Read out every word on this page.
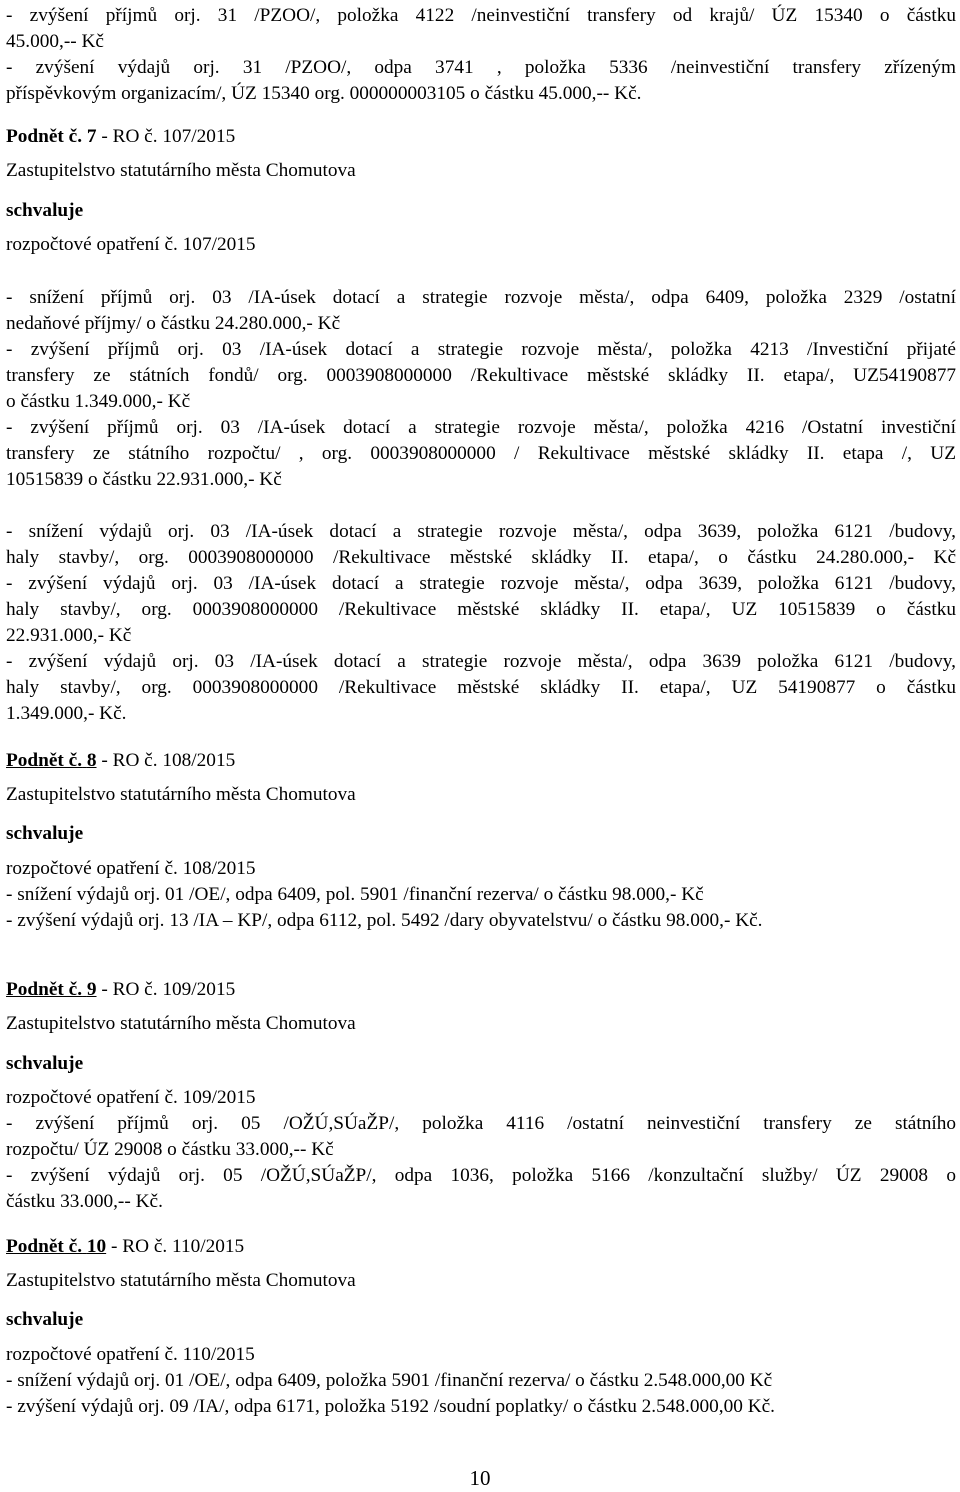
- zvýšení příjmů orj. 31 /PZOO/, položka 4122 /neinvestiční transfery od krajů/ ÚZ 15340 o částku
45.000,-- Kč
- zvýšení výdajů orj. 31 /PZOO/, odpa 3741 , položka 5336 /neinvestiční transfery zřízeným
příspěvkovým organizacím/, ÚZ 15340 org. 000000003105 o částku 45.000,-- Kč.
Podnět č. 7 - RO č. 107/2015
Zastupitelstvo statutárního města Chomutova
schvaluje
rozpočtové opatření č. 107/2015
- snížení příjmů orj. 03 /IA-úsek dotací a strategie rozvoje města/, odpa 6409, položka 2329 /ostatní
nedaňové příjmy/ o částku 24.280.000,- Kč
- zvýšení příjmů orj. 03 /IA-úsek dotací a strategie rozvoje města/, položka 4213 /Investiční přijaté
transfery ze státních fondů/ org. 0003908000000 /Rekultivace městské skládky II. etapa/, UZ54190877
o částku 1.349.000,- Kč
- zvýšení příjmů orj. 03 /IA-úsek dotací a strategie rozvoje města/, položka 4216 /Ostatní investiční
transfery ze státního rozpočtu/ , org. 0003908000000 / Rekultivace městské skládky II. etapa /, UZ
10515839 o částku 22.931.000,- Kč
- snížení výdajů orj. 03 /IA-úsek dotací a strategie rozvoje města/, odpa 3639, položka 6121 /budovy,
haly stavby/, org. 0003908000000 /Rekultivace městské skládky II. etapa/, o částku 24.280.000,- Kč
- zvýšení výdajů orj. 03 /IA-úsek dotací a strategie rozvoje města/, odpa 3639, položka 6121 /budovy,
haly stavby/, org. 0003908000000 /Rekultivace městské skládky II. etapa/, UZ 10515839 o částku
22.931.000,- Kč
- zvýšení výdajů orj. 03 /IA-úsek dotací a strategie rozvoje města/, odpa 3639 položka 6121 /budovy,
haly stavby/, org. 0003908000000 /Rekultivace městské skládky II. etapa/, UZ 54190877 o částku
1.349.000,- Kč.
Podnět č. 8 - RO č. 108/2015
Zastupitelstvo statutárního města Chomutova
schvaluje
rozpočtové opatření č. 108/2015
- snížení výdajů orj. 01 /OE/, odpa 6409, pol. 5901 /finanční rezerva/ o částku 98.000,- Kč
- zvýšení výdajů orj. 13 /IA – KP/, odpa 6112, pol. 5492 /dary obyvatelstvu/ o částku 98.000,- Kč.
Podnět č. 9 - RO č. 109/2015
Zastupitelstvo statutárního města Chomutova
schvaluje
rozpočtové opatření č. 109/2015
- zvýšení příjmů orj. 05 /OŽÚ,SÚaŽP/, položka 4116 /ostatní neinvestiční transfery ze státního
rozpočtu/ ÚZ 29008 o částku 33.000,-- Kč
- zvýšení výdajů orj. 05 /OŽÚ,SÚaŽP/, odpa 1036, položka 5166 /konzultační služby/ ÚZ 29008 o
částku 33.000,-- Kč.
Podnět č. 10 - RO č. 110/2015
Zastupitelstvo statutárního města Chomutova
schvaluje
rozpočtové opatření č. 110/2015
- snížení výdajů orj. 01 /OE/, odpa 6409, položka 5901 /finanční rezerva/ o částku 2.548.000,00 Kč
- zvýšení výdajů orj. 09 /IA/, odpa 6171, položka 5192 /soudní poplatky/ o částku 2.548.000,00 Kč.
10
